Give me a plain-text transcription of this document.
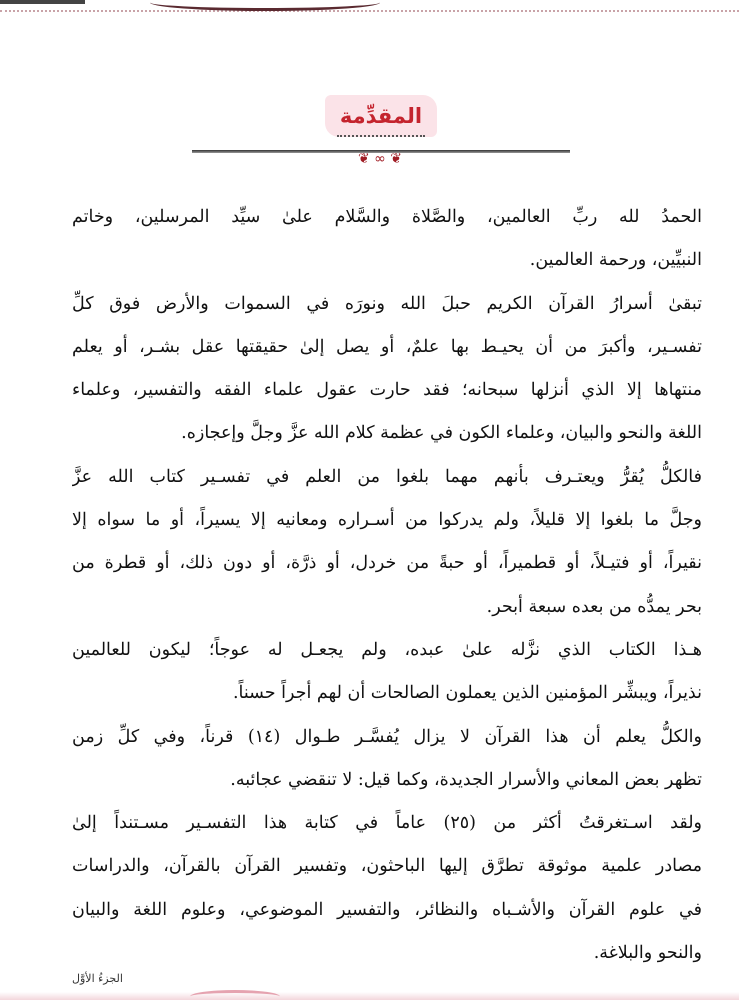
المقدِّمة
❦ ∞ ❦
الحمدُ لله ربِّ العالمين، والصَّلاة والسَّلام علىٰ سيِّد المرسلين، وخاتم
النبيِّين، ورحمة العالمين.
تبقىٰ أسرارُ القرآن الكريم حبلَ الله ونورَه في السموات والأرض فوق كلِّ
تفسـير، وأكبرَ من أن يحيـط بها علمٌ، أو يصل إلىٰ حقيقتها عقل بشـر، أو يعلم
منتهاها إلا الذي أنزلها سبحانه؛ فقد حارت عقول علماء الفقه والتفسير، وعلماء
اللغة والنحو والبيان، وعلماء الكون في عظمة كلام الله عزَّ وجلَّ وإعجازه.
فالكلُّ يُقرُّ ويعتـرف بأنهم مهما بلغوا من العلم في تفسـير كتاب الله عزَّ
وجلَّ ما بلغوا إلا قليلاً، ولم يدركوا من أسـراره ومعانيه إلا يسيراً، أو ما سواه إلا
نقيراً، أو فتيـلاً، أو قطميراً، أو حبةً من خردل، أو ذرَّة، أو دون ذلك، أو قطرة من
بحر يمدُّه من بعده سبعة أبحر.
هـذا الكتاب الذي نزَّله علىٰ عبده، ولم يجعـل له عوجاً؛ ليكون للعالمين
نذيراً، ويبشِّر المؤمنين الذين يعملون الصالحات أن لهم أجراً حسناً.
والكلُّ يعلم أن هذا القرآن لا يزال يُفسَّـر طـوال (١٤) قرناً، وفي كلِّ زمن
تظهر بعض المعاني والأسرار الجديدة، وكما قيل: لا تنقضي عجائبه.
ولقد اسـتغرقتُ أكثر من (٢٥) عاماً في كتابة هذا التفسـير مسـتنداً إلىٰ
مصادر علمية موثوقة تطرَّق إليها الباحثون، وتفسير القرآن بالقرآن، والدراسات
في علوم القرآن والأشـباه والنظائر، والتفسير الموضوعي، وعلوم اللغة والبيان
والنحو والبلاغة.
الجزءُ الأوَّل
